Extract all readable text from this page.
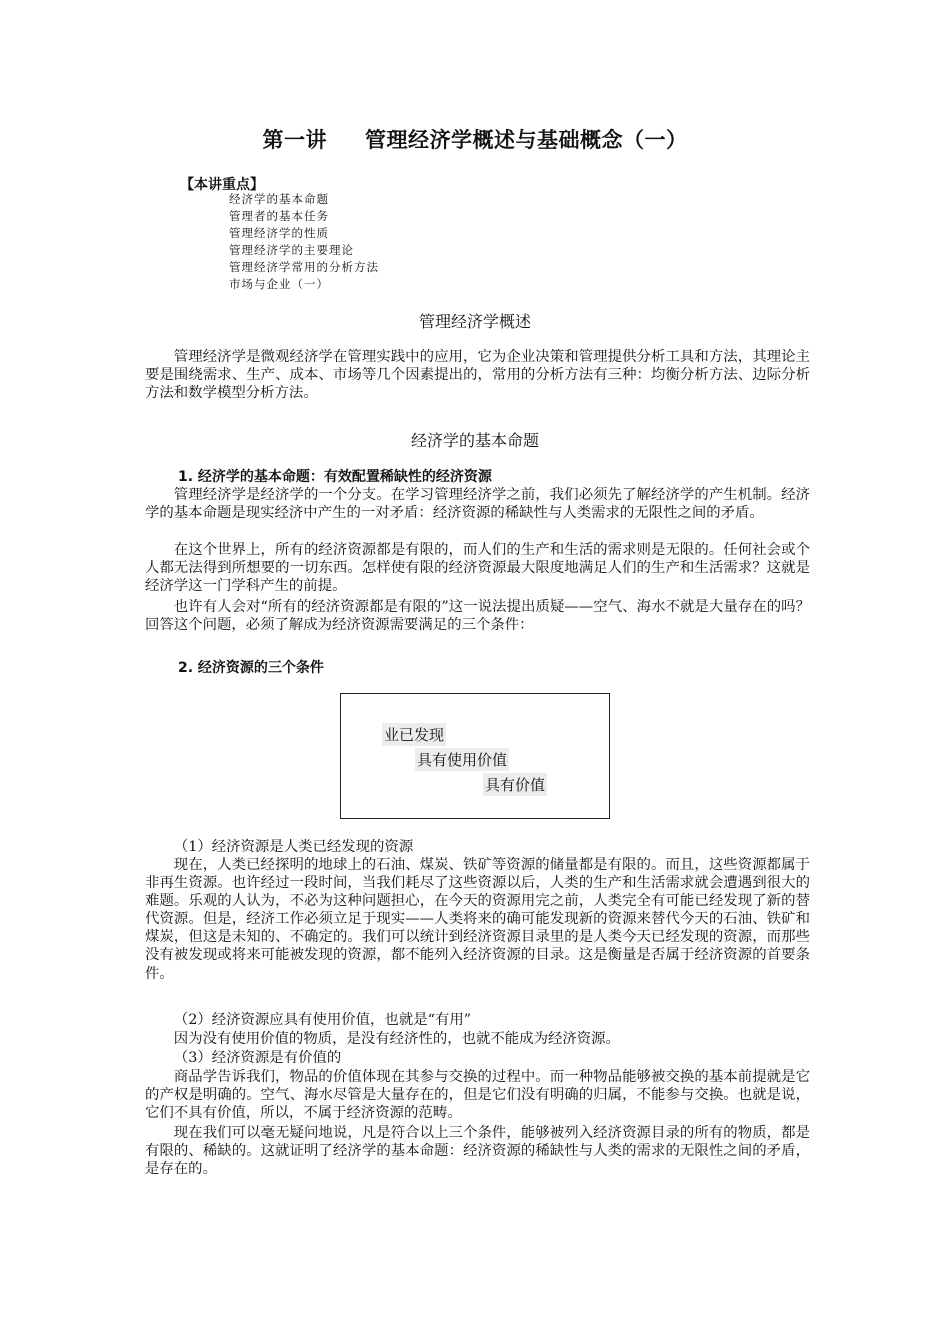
第一讲 管理经济学概述与基础概念（一）
【本讲重点】
经济学的基本命题
管理者的基本任务
管理经济学的性质
管理经济学的主要理论
管理经济学常用的分析方法
市场与企业（一）
管理经济学概述

管理经济学是微观经济学在管理实践中的应用，它为企业决策和管理提供分析工具和方法，其理论主要是围绕需求、生产、成本、市场等几个因素提出的，常用的分析方法有三种：均衡分析方法、边际分析方法和数学模型分析方法。

经济学的基本命题
1. 经济学的基本命题：有效配置稀缺性的经济资源

管理经济学是经济学的一个分支。在学习管理经济学之前，我们必须先了解经济学的产生机制。经济学的基本命题是现实经济中产生的一对矛盾：经济资源的稀缺性与人类需求的无限性之间的矛盾。

在这个世界上，所有的经济资源都是有限的，而人们的生产和生活的需求则是无限的。任何社会或个人都无法得到所想要的一切东西。怎样使有限的经济资源最大限度地满足人们的生产和生活需求？这就是经济学这一门学科产生的前提。

也许有人会对“所有的经济资源都是有限的”这一说法提出质疑——空气、海水不就是大量存在的吗？回答这个问题，必须了解成为经济资源需要满足的三个条件：

2. 经济资源的三个条件
业已发现
具有使用价值
具有价值

（1）经济资源是人类已经发现的资源

现在，人类已经探明的地球上的石油、煤炭、铁矿等资源的储量都是有限的。而且，这些资源都属于非再生资源。也许经过一段时间，当我们耗尽了这些资源以后，人类的生产和生活需求就会遭遇到很大的难题。乐观的人认为，不必为这种问题担心，在今天的资源用完之前，人类完全有可能已经发现了新的替代资源。但是，经济工作必须立足于现实——人类将来的确可能发现新的资源来替代今天的石油、铁矿和煤炭，但这是未知的、不确定的。我们可以统计到经济资源目录里的是人类今天已经发现的资源，而那些没有被发现或将来可能被发现的资源，都不能列入经济资源的目录。这是衡量是否属于经济资源的首要条件。

（2）经济资源应具有使用价值，也就是“有用”

因为没有使用价值的物质，是没有经济性的，也就不能成为经济资源。

（3）经济资源是有价值的

商品学告诉我们，物品的价值体现在其参与交换的过程中。而一种物品能够被交换的基本前提就是它的产权是明确的。空气、海水尽管是大量存在的，但是它们没有明确的归属，不能参与交换。也就是说，它们不具有价值，所以，不属于经济资源的范畴。

现在我们可以毫无疑问地说，凡是符合以上三个条件，能够被列入经济资源目录的所有的物质，都是有限的、稀缺的。这就证明了经济学的基本命题：经济资源的稀缺性与人类的需求的无限性之间的矛盾，是存在的。
